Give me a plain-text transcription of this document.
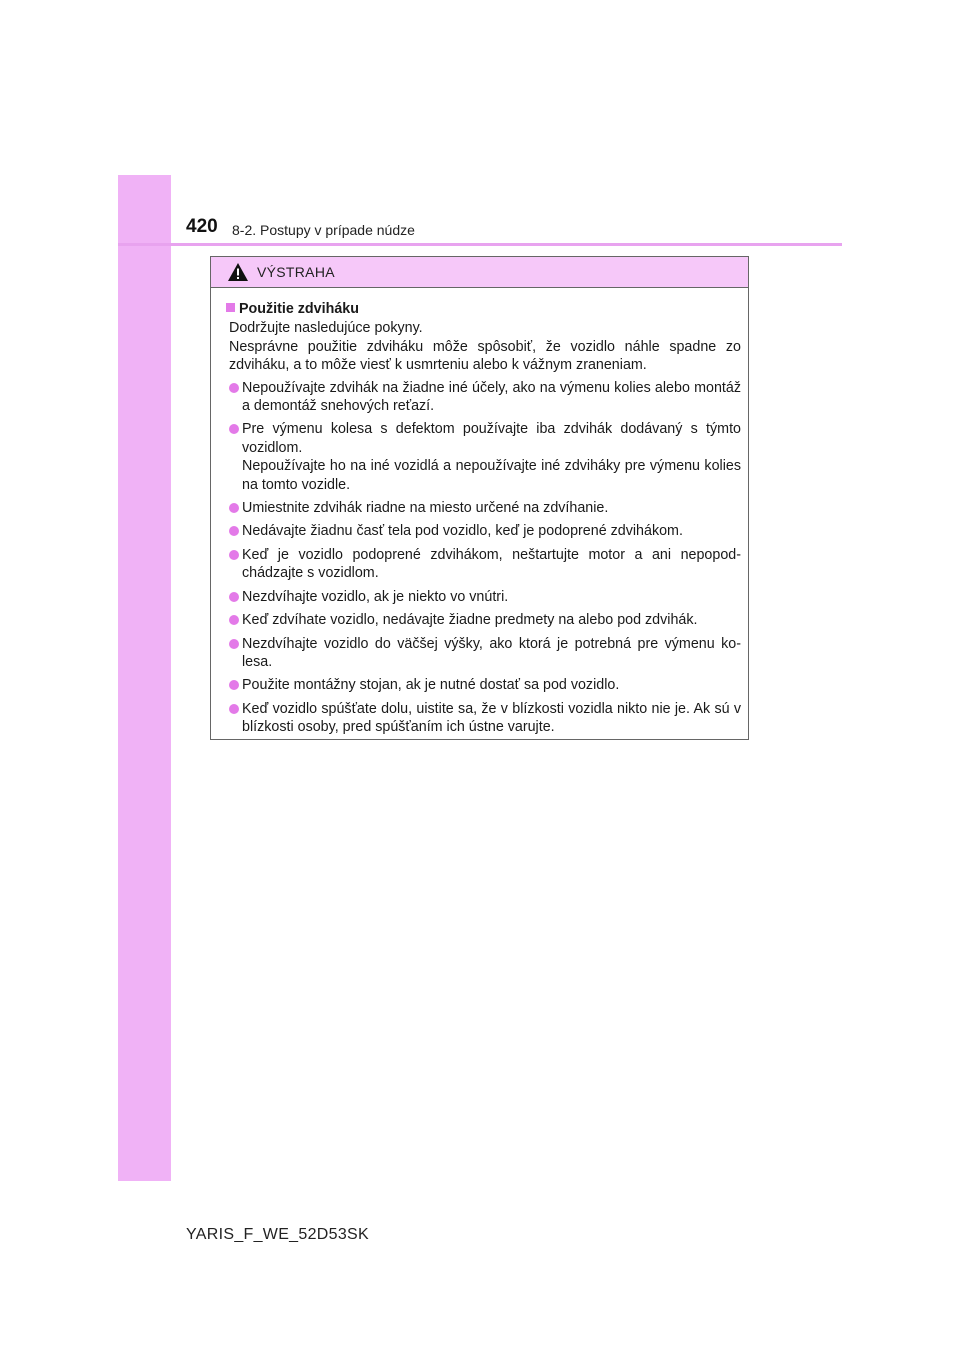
420 8-2. Postupy v prípade núdze
VÝSTRAHA
Použitie zdviháku

Dodržujte nasledujúce pokyny.

Nesprávne použitie zdviháku môže spôsobiť, že vozidlo náhle spadne zo zdviháku, a to môže viesť k usmrteniu alebo k vážnym zraneniam.

Nepoužívajte zdvihák na žiadne iné účely, ako na výmenu kolies alebo montáž a demontáž snehových reťazí.

Pre výmenu kolesa s defektom používajte iba zdvihák dodávaný s týmto vozidlom.

Nepoužívajte ho na iné vozidlá a nepoužívajte iné zdviháky pre výmenu kolies na tomto vozidle.

Umiestnite zdvihák riadne na miesto určené na zdvíhanie.

Nedávajte žiadnu časť tela pod vozidlo, keď je podoprené zdvihákom.

Keď je vozidlo podoprené zdvihákom, neštartujte motor a ani nepopod-chádzajte s vozidlom.

Nezdvíhajte vozidlo, ak je niekto vo vnútri.

Keď zdvíhate vozidlo, nedávajte žiadne predmety na alebo pod zdvihák.

Nezdvíhajte vozidlo do väčšej výšky, ako ktorá je potrebná pre výmenu ko-lesa.

Použite montážny stojan, ak je nutné dostať sa pod vozidlo.

Keď vozidlo spúšťate dolu, uistite sa, že v blízkosti vozidla nikto nie je. Ak sú v blízkosti osoby, pred spúšťaním ich ústne varujte.

YARIS_F_WE_52D53SK
